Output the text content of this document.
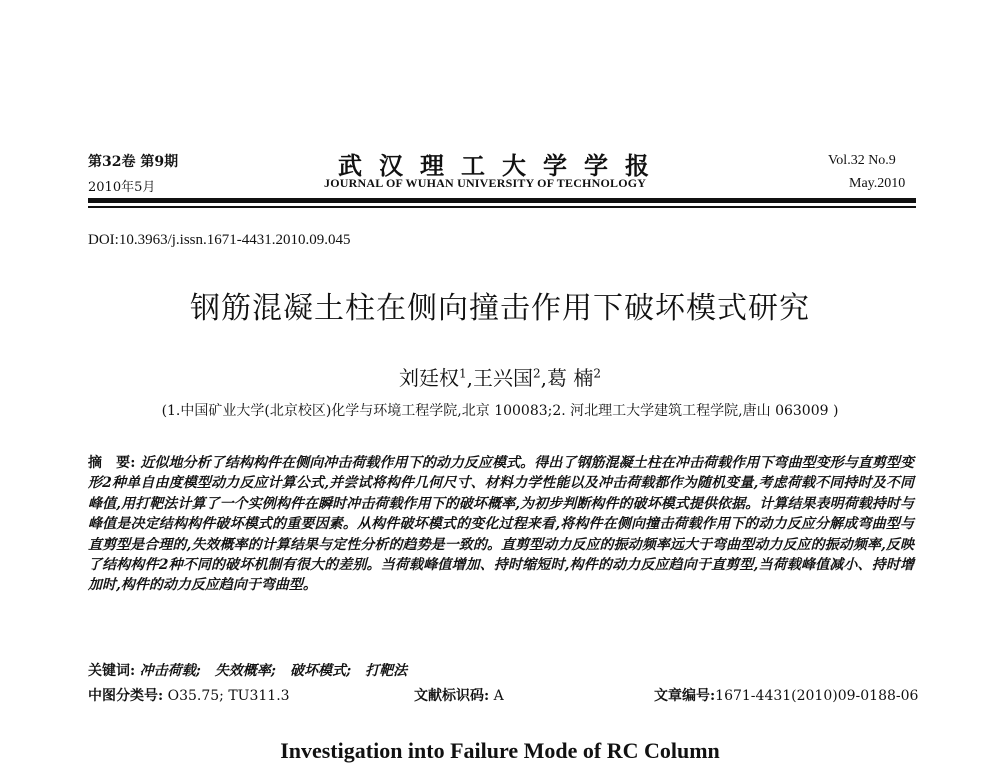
第32卷 第9期
2010年5月
武汉理工大学学报
JOURNAL OF WUHAN UNIVERSITY OF TECHNOLOGY
Vol.32 No.9
May.2010
DOI:10.3963/j.issn.1671-4431.2010.09.045
钢筋混凝土柱在侧向撞击作用下破坏模式研究
刘廷权$^1$,王兴国$^2$,葛 楠$^2$
(1.中国矿业大学(北京校区)化学与环境工程学院,北京 100083;2. 河北理工大学建筑工程学院,唐山 063009 )
摘　要: 近似地分析了结构构件在侧向冲击荷载作用下的动力反应模式。得出了钢筋混凝土柱在冲击荷载作用下弯曲型变形与直剪型变形2种单自由度模型动力反应计算公式,并尝试将构件几何尺寸、材料力学性能以及冲击荷载都作为随机变量,考虑荷载不同持时及不同峰值,用打靶法计算了一个实例构件在瞬时冲击荷载作用下的破坏概率,为初步判断构件的破坏模式提供依据。计算结果表明荷载持时与峰值是决定结构构件破坏模式的重要因素。从构件破坏模式的变化过程来看,将构件在侧向撞击荷载作用下的动力反应分解成弯曲型与直剪型是合理的,失效概率的计算结果与定性分析的趋势是一致的。直剪型动力反应的振动频率远大于弯曲型动力反应的振动频率,反映了结构构件2种不同的破坏机制有很大的差别。当荷载峰值增加、持时缩短时,构件的动力反应趋向于直剪型,当荷载峰值减小、持时增加时,构件的动力反应趋向于弯曲型。
关键词: 冲击荷载;　失效概率;　破坏模式;　打靶法
中图分类号: O35.75; TU311.3	文献标识码: A	文章编号:1671-4431(2010)09-0188-06
Investigation into Failure Mode of RC Column
